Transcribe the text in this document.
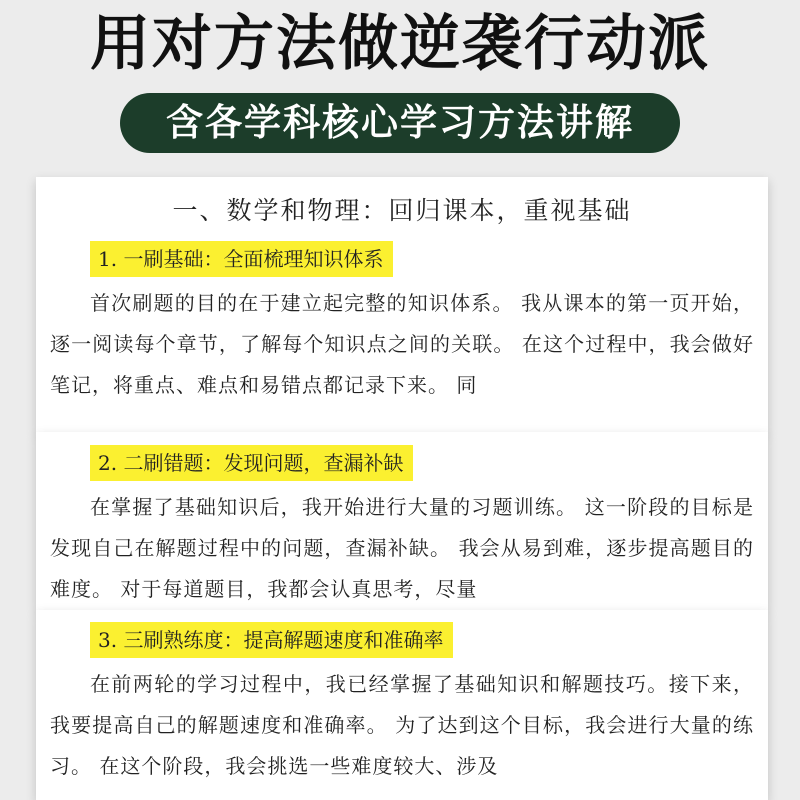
用对方法做逆袭行动派
含各学科核心学习方法讲解
一、数学和物理：回归课本，重视基础
1. 一刷基础：全面梳理知识体系
首次刷题的目的在于建立起完整的知识体系。 我从课本的第一页开始，逐一阅读每个章节，了解每个知识点之间的关联。 在这个过程中，我会做好笔记，将重点、难点和易错点都记录下来。 同
2. 二刷错题：发现问题，查漏补缺
在掌握了基础知识后，我开始进行大量的习题训练。 这一阶段的目标是发现自己在解题过程中的问题，查漏补缺。 我会从易到难，逐步提高题目的难度。 对于每道题目，我都会认真思考，尽量
3. 三刷熟练度：提高解题速度和准确率
在前两轮的学习过程中，我已经掌握了基础知识和解题技巧。接下来，我要提高自己的解题速度和准确率。 为了达到这个目标，我会进行大量的练习。 在这个阶段，我会挑选一些难度较大、涉及
